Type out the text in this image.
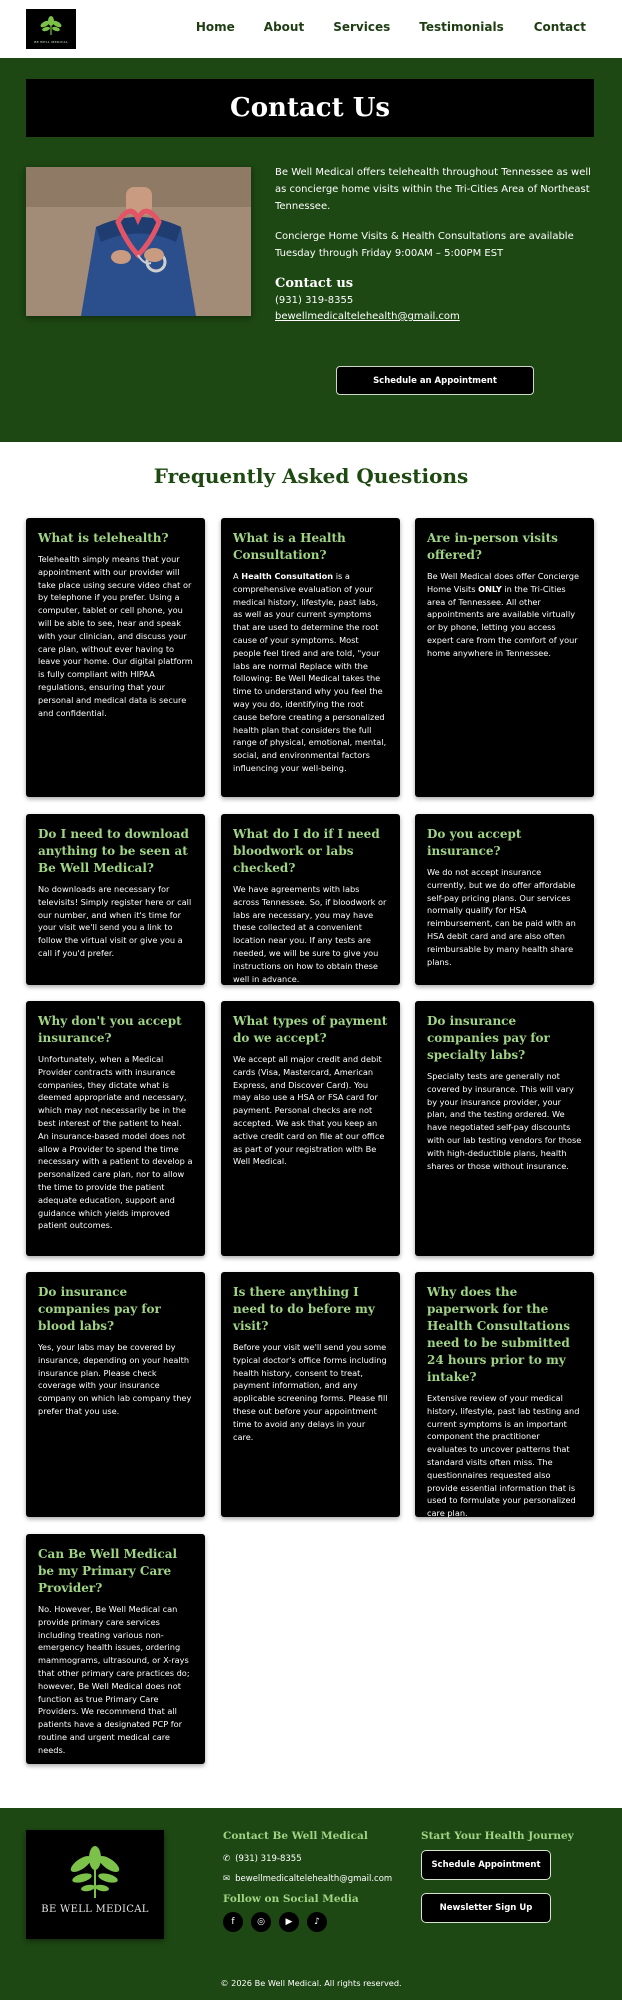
BE WELL MEDICAL
Home About Services Testimonials	Contact
Contact Us

Be Well Medical offers telehealth throughout Tennessee as well as concierge home visits within the Tri-Cities Area of Northeast Tennessee.

Concierge Home Visits & Health Consultations are available

Tuesday through Friday 9:00AM – 5:00PM EST

Contact us
(931) 319-8355
bewellmedicaltelehealth@gmail.com
Schedule an Appointment
Frequently Asked Questions
What is telehealth?

Telehealth simply means that your appointment with our provider will take place using secure video chat or by telephone if you prefer. Using a computer, tablet or cell phone, you will be able to see, hear and speak with your clinician, and discuss your care plan, without ever having to leave your home. Our digital platform is fully compliant with HIPAA regulations, ensuring that your personal and medical data is secure and confidential.

What is a Health Consultation?

A Health Consultation is a comprehensive evaluation of your medical history, lifestyle, past labs, as well as your current symptoms that are used to determine the root cause of your symptoms. Most people feel tired and are told, "your labs are normal Replace with the following: Be Well Medical takes the time to understand why you feel the way you do, identifying the root cause before creating a personalized health plan that considers the full range of physical, emotional, mental, social, and environmental factors influencing your well-being.

Are in-person visits offered?

Be Well Medical does offer Concierge Home Visits ONLY in the Tri-Cities area of Tennessee. All other appointments are available virtually or by phone, letting you access expert care from the comfort of your home anywhere in Tennessee.

Do I need to download anything to be seen at Be Well Medical?

No downloads are necessary for televisits! Simply register here or call our number, and when it's time for your visit we'll send you a link to follow the virtual visit or give you a call if you'd prefer.

What do I do if I need bloodwork or labs checked?

We have agreements with labs across Tennessee. So, if bloodwork or labs are necessary, you may have these collected at a convenient location near you. If any tests are needed, we will be sure to give you instructions on how to obtain these well in advance.

Do you accept insurance?

We do not accept insurance currently, but we do offer affordable self-pay pricing plans. Our services normally qualify for HSA reimbursement, can be paid with an HSA debit card and are also often reimbursable by many health share plans.

Why don't you accept insurance?

Unfortunately, when a Medical Provider contracts with insurance companies, they dictate what is deemed appropriate and necessary, which may not necessarily be in the best interest of the patient to heal. An insurance-based model does not allow a Provider to spend the time necessary with a patient to develop a personalized care plan, nor to allow the time to provide the patient adequate education, support and guidance which yields improved patient outcomes.

What types of payment do we accept?

We accept all major credit and debit cards (Visa, Mastercard, American Express, and Discover Card). You may also use a HSA or FSA card for payment. Personal checks are not accepted. We ask that you keep an active credit card on file at our office as part of your registration with Be Well Medical.

Do insurance companies pay for specialty labs?

Specialty tests are generally not covered by insurance. This will vary by your insurance provider, your plan, and the testing ordered. We have negotiated self-pay discounts with our lab testing vendors for those with high-deductible plans, health shares or those without insurance.

Do insurance companies pay for blood labs?

Yes, your labs may be covered by insurance, depending on your health insurance plan. Please check coverage with your insurance company on which lab company they prefer that you use.

Is there anything I need to do before my visit?

Before your visit we'll send you some typical doctor's office forms including health history, consent to treat, payment information, and any applicable screening forms. Please fill these out before your appointment time to avoid any delays in your care.

Why does the paperwork for the Health Consultations need to be submitted 24 hours prior to my intake?

Extensive review of your medical history, lifestyle, past lab testing and current symptoms is an important component the practitioner evaluates to uncover patterns that standard visits often miss. The questionnaires requested also provide essential information that is used to formulate your personalized care plan.

Can Be Well Medical be my Primary Care Provider?

No. However, Be Well Medical can provide primary care services including treating various non-emergency health issues, ordering mammograms, ultrasound, or X-rays that other primary care practices do; however, Be Well Medical does not function as true Primary Care Providers. We recommend that all patients have a designated PCP for routine and urgent medical care needs.

BE WELL MEDICAL
Contact Be Well Medical
✆ (931) 319-8355
✉ bewellmedicaltelehealth@gmail.com
Follow on Social Media
f	◎	▶	♪
Start Your Health Journey
Schedule Appointment
Newsletter Sign Up
© 2026 Be Well Medical. All rights reserved.
